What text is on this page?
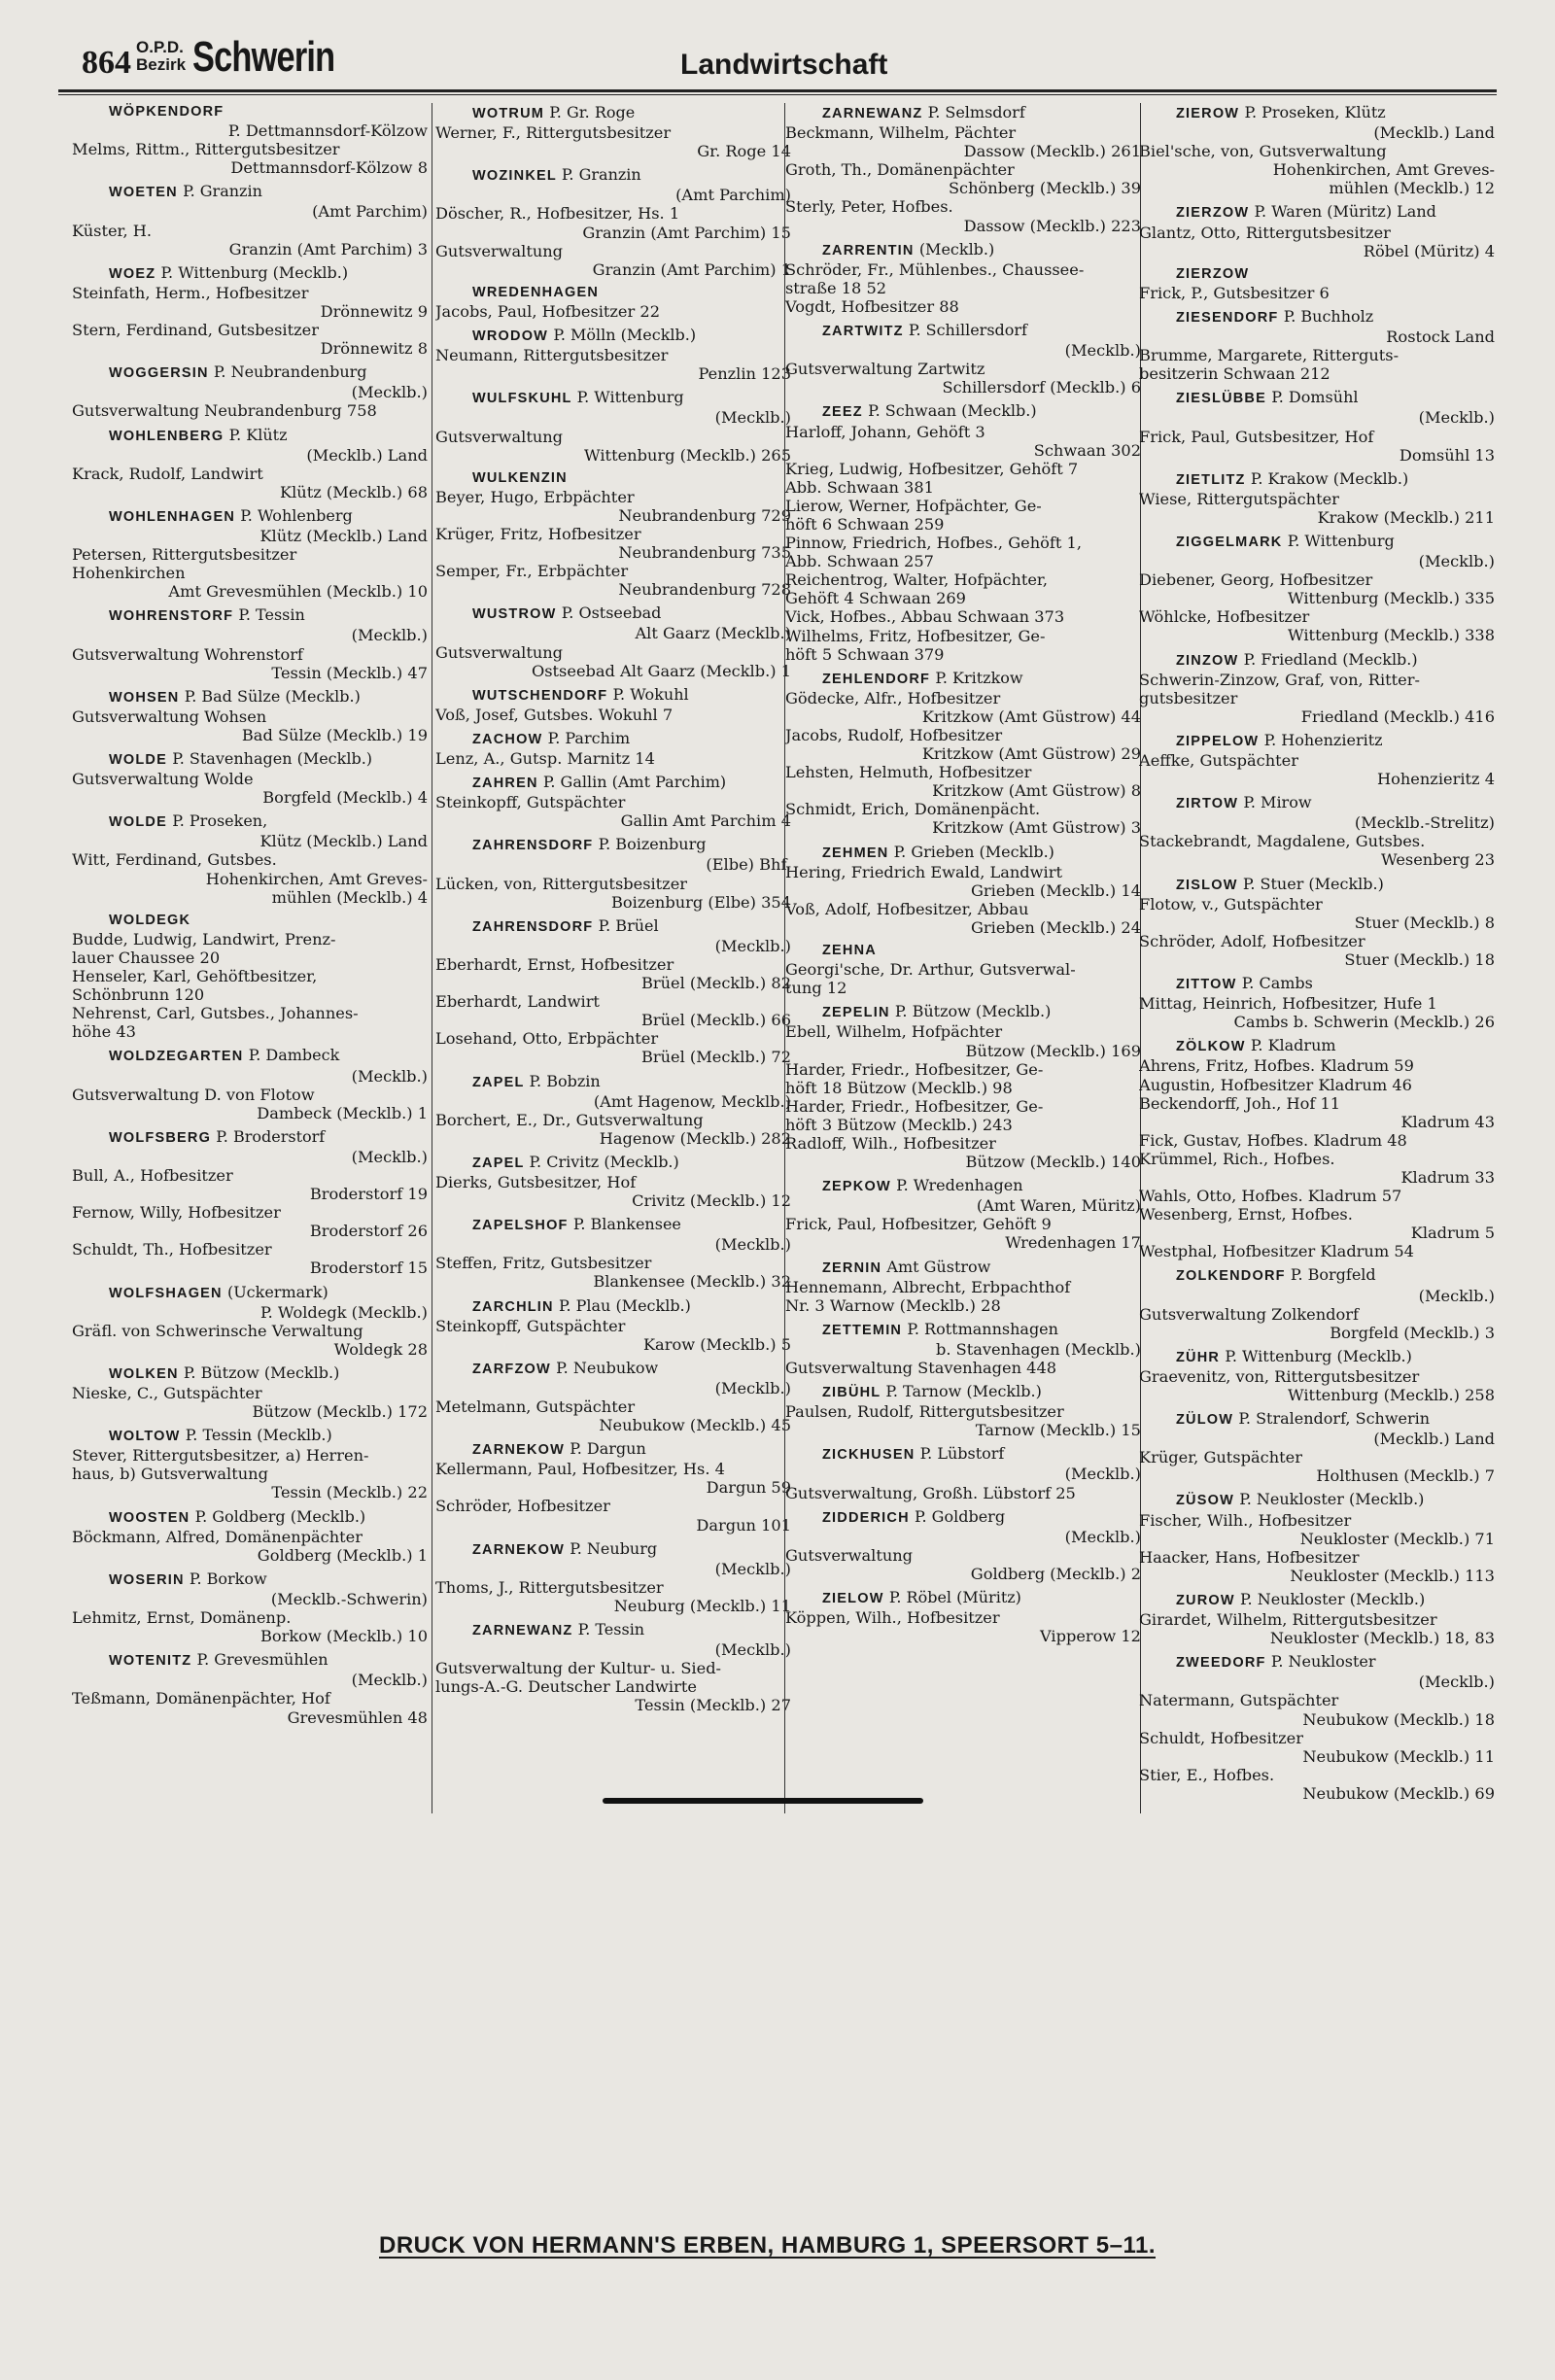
864 O.P.D.
Bezirk Schwerin	Landwirtschaft
WÖPKENDORF
P. Dettmannsdorf-Kölzow
Melms, Rittm., Rittergutsbesitzer
Dettmannsdorf-Kölzow 8
WOETEN P. Granzin
(Amt Parchim)
Küster, H.
Granzin (Amt Parchim) 3
WOEZ P. Wittenburg (Mecklb.)
Steinfath, Herm., Hofbesitzer
Drönnewitz 9
Stern, Ferdinand, Gutsbesitzer
Drönnewitz 8
WOGGERSIN P. Neubrandenburg
(Mecklb.)
Gutsverwaltung Neubrandenburg 758
WOHLENBERG P. Klütz
(Mecklb.) Land
Krack, Rudolf, Landwirt
Klütz (Mecklb.) 68
WOHLENHAGEN P. Wohlenberg
Klütz (Mecklb.) Land
Petersen, Rittergutsbesitzer
Hohenkirchen
Amt Grevesmühlen (Mecklb.) 10
WOHRENSTORF P. Tessin
(Mecklb.)
Gutsverwaltung Wohrenstorf
Tessin (Mecklb.) 47
WOHSEN P. Bad Sülze (Mecklb.)
Gutsverwaltung Wohsen
Bad Sülze (Mecklb.) 19
WOLDE P. Stavenhagen (Mecklb.)
Gutsverwaltung Wolde
Borgfeld (Mecklb.) 4
WOLDE P. Proseken,
Klütz (Mecklb.) Land
Witt, Ferdinand, Gutsbes.
Hohenkirchen, Amt Greves-
mühlen (Mecklb.) 4
WOLDEGK
Budde, Ludwig, Landwirt, Prenz-
lauer Chaussee 20
Henseler, Karl, Gehöftbesitzer,
Schönbrunn 120
Nehrenst, Carl, Gutsbes., Johannes-
höhe 43
WOLDZEGARTEN P. Dambeck
(Mecklb.)
Gutsverwaltung D. von Flotow
Dambeck (Mecklb.) 1
WOLFSBERG P. Broderstorf
(Mecklb.)
Bull, A., Hofbesitzer
Broderstorf 19
Fernow, Willy, Hofbesitzer
Broderstorf 26
Schuldt, Th., Hofbesitzer
Broderstorf 15
WOLFSHAGEN (Uckermark)
P. Woldegk (Mecklb.)
Gräfl. von Schwerinsche Verwaltung
Woldegk 28
WOLKEN P. Bützow (Mecklb.)
Nieske, C., Gutspächter
Bützow (Mecklb.) 172
WOLTOW P. Tessin (Mecklb.)
Stever, Rittergutsbesitzer, a) Herren-
haus, b) Gutsverwaltung
Tessin (Mecklb.) 22
WOOSTEN P. Goldberg (Mecklb.)
Böckmann, Alfred, Domänenpächter
Goldberg (Mecklb.) 1
WOSERIN P. Borkow
(Mecklb.-Schwerin)
Lehmitz, Ernst, Domänenp.
Borkow (Mecklb.) 10
WOTENITZ P. Grevesmühlen
(Mecklb.)
Teßmann, Domänenpächter, Hof
Grevesmühlen 48
WOTRUM P. Gr. Roge
Werner, F., Rittergutsbesitzer
Gr. Roge 14
WOZINKEL P. Granzin
(Amt Parchim)
Döscher, R., Hofbesitzer, Hs. 1
Granzin (Amt Parchim) 15
Gutsverwaltung
Granzin (Amt Parchim) 1
WREDENHAGEN
Jacobs, Paul, Hofbesitzer 22
WRODOW P. Mölln (Mecklb.)
Neumann, Rittergutsbesitzer
Penzlin 123
WULFSKUHL P. Wittenburg
(Mecklb.)
Gutsverwaltung
Wittenburg (Mecklb.) 265
WULKENZIN
Beyer, Hugo, Erbpächter
Neubrandenburg 729
Krüger, Fritz, Hofbesitzer
Neubrandenburg 735
Semper, Fr., Erbpächter
Neubrandenburg 728
WUSTROW P. Ostseebad
Alt Gaarz (Mecklb.)
Gutsverwaltung
Ostseebad Alt Gaarz (Mecklb.) 1
WUTSCHENDORF P. Wokuhl
Voß, Josef, Gutsbes. Wokuhl 7
ZACHOW P. Parchim
Lenz, A., Gutsp. Marnitz 14
ZAHREN P. Gallin (Amt Parchim)
Steinkopff, Gutspächter
Gallin Amt Parchim 4
ZAHRENSDORF P. Boizenburg
(Elbe) Bhf.
Lücken, von, Rittergutsbesitzer
Boizenburg (Elbe) 354
ZAHRENSDORF P. Brüel
(Mecklb.)
Eberhardt, Ernst, Hofbesitzer
Brüel (Mecklb.) 82
Eberhardt, Landwirt
Brüel (Mecklb.) 66
Losehand, Otto, Erbpächter
Brüel (Mecklb.) 72
ZAPEL P. Bobzin
(Amt Hagenow, Mecklb.)
Borchert, E., Dr., Gutsverwaltung
Hagenow (Mecklb.) 282
ZAPEL P. Crivitz (Mecklb.)
Dierks, Gutsbesitzer, Hof
Crivitz (Mecklb.) 12
ZAPELSHOF P. Blankensee
(Mecklb.)
Steffen, Fritz, Gutsbesitzer
Blankensee (Mecklb.) 32
ZARCHLIN P. Plau (Mecklb.)
Steinkopff, Gutspächter
Karow (Mecklb.) 5
ZARFZOW P. Neubukow
(Mecklb.)
Metelmann, Gutspächter
Neubukow (Mecklb.) 45
ZARNEKOW P. Dargun
Kellermann, Paul, Hofbesitzer, Hs. 4
Dargun 59
Schröder, Hofbesitzer
Dargun 101
ZARNEKOW P. Neuburg
(Mecklb.)
Thoms, J., Rittergutsbesitzer
Neuburg (Mecklb.) 11
ZARNEWANZ P. Tessin
(Mecklb.)
Gutsverwaltung der Kultur- u. Sied-
lungs-A.-G. Deutscher Landwirte
Tessin (Mecklb.) 27
ZARNEWANZ P. Selmsdorf
Beckmann, Wilhelm, Pächter
Dassow (Mecklb.) 261
Groth, Th., Domänenpächter
Schönberg (Mecklb.) 39
Sterly, Peter, Hofbes.
Dassow (Mecklb.) 223
ZARRENTIN (Mecklb.)
Schröder, Fr., Mühlenbes., Chaussee-
straße 18 52
Vogdt, Hofbesitzer 88
ZARTWITZ P. Schillersdorf
(Mecklb.)
Gutsverwaltung Zartwitz
Schillersdorf (Mecklb.) 6
ZEEZ P. Schwaan (Mecklb.)
Harloff, Johann, Gehöft 3
Schwaan 302
Krieg, Ludwig, Hofbesitzer, Gehöft 7
Abb. Schwaan 381
Lierow, Werner, Hofpächter, Ge-
höft 6 Schwaan 259
Pinnow, Friedrich, Hofbes., Gehöft 1,
Abb. Schwaan 257
Reichentrog, Walter, Hofpächter,
Gehöft 4 Schwaan 269
Vick, Hofbes., Abbau Schwaan 373
Wilhelms, Fritz, Hofbesitzer, Ge-
höft 5 Schwaan 379
ZEHLENDORF P. Kritzkow
Gödecke, Alfr., Hofbesitzer
Kritzkow (Amt Güstrow) 44
Jacobs, Rudolf, Hofbesitzer
Kritzkow (Amt Güstrow) 29
Lehsten, Helmuth, Hofbesitzer
Kritzkow (Amt Güstrow) 8
Schmidt, Erich, Domänenpächt.
Kritzkow (Amt Güstrow) 3
ZEHMEN P. Grieben (Mecklb.)
Hering, Friedrich Ewald, Landwirt
Grieben (Mecklb.) 14
Voß, Adolf, Hofbesitzer, Abbau
Grieben (Mecklb.) 24
ZEHNA
Georgi'sche, Dr. Arthur, Gutsverwal-
tung 12
ZEPELIN P. Bützow (Mecklb.)
Ebell, Wilhelm, Hofpächter
Bützow (Mecklb.) 169
Harder, Friedr., Hofbesitzer, Ge-
höft 18 Bützow (Mecklb.) 98
Harder, Friedr., Hofbesitzer, Ge-
höft 3 Bützow (Mecklb.) 243
Radloff, Wilh., Hofbesitzer
Bützow (Mecklb.) 140
ZEPKOW P. Wredenhagen
(Amt Waren, Müritz)
Frick, Paul, Hofbesitzer, Gehöft 9
Wredenhagen 17
ZERNIN Amt Güstrow
Hennemann, Albrecht, Erbpachthof
Nr. 3 Warnow (Mecklb.) 28
ZETTEMIN P. Rottmannshagen
b. Stavenhagen (Mecklb.)
Gutsverwaltung Stavenhagen 448
ZIBÜHL P. Tarnow (Mecklb.)
Paulsen, Rudolf, Rittergutsbesitzer
Tarnow (Mecklb.) 15
ZICKHUSEN P. Lübstorf
(Mecklb.)
Gutsverwaltung, Großh. Lübstorf 25
ZIDDERICH P. Goldberg
(Mecklb.)
Gutsverwaltung
Goldberg (Mecklb.) 2
ZIELOW P. Röbel (Müritz)
Köppen, Wilh., Hofbesitzer
Vipperow 12
ZIEROW P. Proseken, Klütz
(Mecklb.) Land
Biel'sche, von, Gutsverwaltung
Hohenkirchen, Amt Greves-
mühlen (Mecklb.) 12
ZIERZOW P. Waren (Müritz) Land
Glantz, Otto, Rittergutsbesitzer
Röbel (Müritz) 4
ZIERZOW
Frick, P., Gutsbesitzer 6
ZIESENDORF P. Buchholz
Rostock Land
Brumme, Margarete, Ritterguts-
besitzerin Schwaan 212
ZIESLÜBBE P. Domsühl
(Mecklb.)
Frick, Paul, Gutsbesitzer, Hof
Domsühl 13
ZIETLITZ P. Krakow (Mecklb.)
Wiese, Rittergutspächter
Krakow (Mecklb.) 211
ZIGGELMARK P. Wittenburg
(Mecklb.)
Diebener, Georg, Hofbesitzer
Wittenburg (Mecklb.) 335
Wöhlcke, Hofbesitzer
Wittenburg (Mecklb.) 338
ZINZOW P. Friedland (Mecklb.)
Schwerin-Zinzow, Graf, von, Ritter-
gutsbesitzer
Friedland (Mecklb.) 416
ZIPPELOW P. Hohenzieritz
Aeffke, Gutspächter
Hohenzieritz 4
ZIRTOW P. Mirow
(Mecklb.-Strelitz)
Stackebrandt, Magdalene, Gutsbes.
Wesenberg 23
ZISLOW P. Stuer (Mecklb.)
Flotow, v., Gutspächter
Stuer (Mecklb.) 8
Schröder, Adolf, Hofbesitzer
Stuer (Mecklb.) 18
ZITTOW P. Cambs
Mittag, Heinrich, Hofbesitzer, Hufe 1
Cambs b. Schwerin (Mecklb.) 26
ZÖLKOW P. Kladrum
Ahrens, Fritz, Hofbes. Kladrum 59
Augustin, Hofbesitzer Kladrum 46
Beckendorff, Joh., Hof 11
Kladrum 43
Fick, Gustav, Hofbes. Kladrum 48
Krümmel, Rich., Hofbes.
Kladrum 33
Wahls, Otto, Hofbes. Kladrum 57
Wesenberg, Ernst, Hofbes.
Kladrum 5
Westphal, Hofbesitzer Kladrum 54
ZOLKENDORF P. Borgfeld
(Mecklb.)
Gutsverwaltung Zolkendorf
Borgfeld (Mecklb.) 3
ZÜHR P. Wittenburg (Mecklb.)
Graevenitz, von, Rittergutsbesitzer
Wittenburg (Mecklb.) 258
ZÜLOW P. Stralendorf, Schwerin
(Mecklb.) Land
Krüger, Gutspächter
Holthusen (Mecklb.) 7
ZÜSOW P. Neukloster (Mecklb.)
Fischer, Wilh., Hofbesitzer
Neukloster (Mecklb.) 71
Haacker, Hans, Hofbesitzer
Neukloster (Mecklb.) 113
ZUROW P. Neukloster (Mecklb.)
Girardet, Wilhelm, Rittergutsbesitzer
Neukloster (Mecklb.) 18, 83
ZWEEDORF P. Neukloster
(Mecklb.)
Natermann, Gutspächter
Neubukow (Mecklb.) 18
Schuldt, Hofbesitzer
Neubukow (Mecklb.) 11
Stier, E., Hofbes.
Neubukow (Mecklb.) 69
DRUCK VON HERMANN'S ERBEN, HAMBURG 1, SPEERSORT 5–11.
